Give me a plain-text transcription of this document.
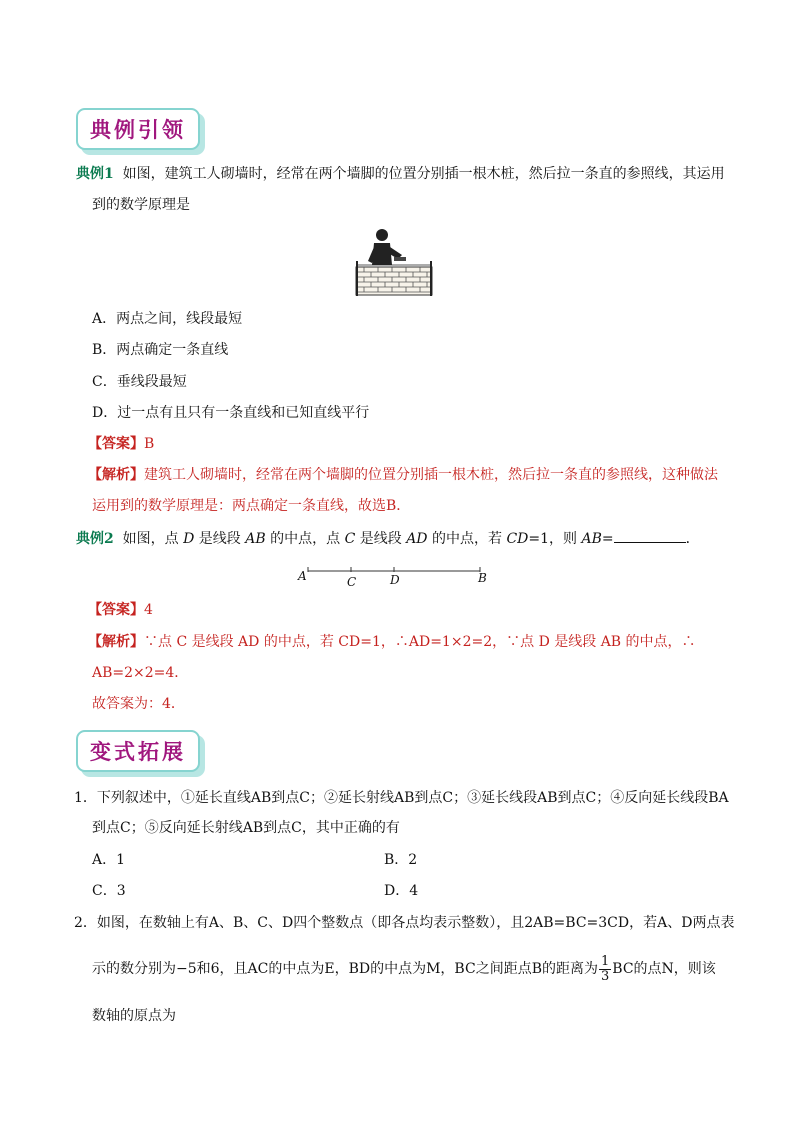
典例引领
典例1 如图，建筑工人砌墙时，经常在两个墙脚的位置分别插一根木桩，然后拉一条直的参照线，其运用
到的数学原理是
A．两点之间，线段最短
B．两点确定一条直线
C．垂线段最短
D．过一点有且只有一条直线和已知直线平行
【答案】B
【解析】建筑工人砌墙时，经常在两个墙脚的位置分别插一根木桩，然后拉一条直的参照线，这种做法
运用到的数学原理是：两点确定一条直线，故选B．
典例2 如图，点 D 是线段 AB 的中点，点 C 是线段 AD 的中点，若 CD=1，则 AB=	．
A	C	D	B
【答案】4
【解析】∵点 C 是线段 AD 的中点，若 CD=1，∴AD=1×2=2，∵点 D 是线段 AB 的中点，∴
AB=2×2=4．
故答案为：4．
变式拓展
1．下列叙述中，①延长直线AB到点C；②延长射线AB到点C；③延长线段AB到点C；④反向延长线段BA
到点C；⑤反向延长射线AB到点C，其中正确的有
A．1	B．2
C．3	D．4
2．如图，在数轴上有A、B、C、D四个整数点（即各点均表示整数），且2AB=BC=3CD，若A、D两点表
示的数分别为−5和6，且AC的中点为E，BD的中点为M，BC之间距点B的距离为 $\frac{1}{3}$ BC的点N，则该
数轴的原点为
